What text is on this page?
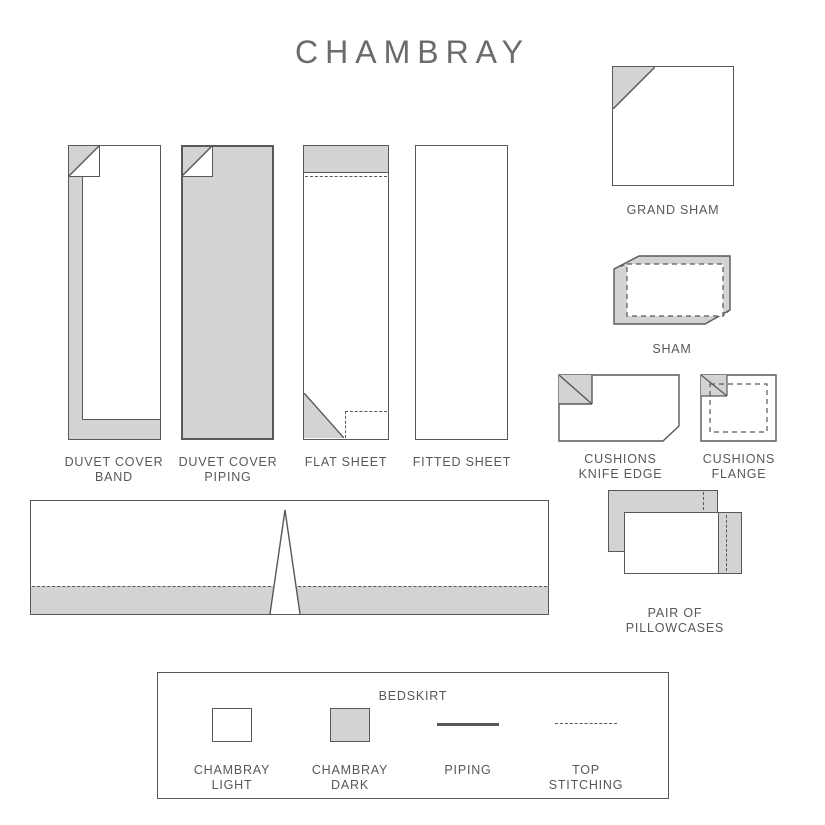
CHAMBRAY
DUVET COVER
BAND
DUVET COVER
PIPING
FLAT SHEET	FITTED SHEET
GRAND SHAM
SHAM
CUSHIONS
KNIFE EDGE
CUSHIONS
FLANGE
PAIR OF
PILLOWCASES
BEDSKIRT
CHAMBRAY
LIGHT
CHAMBRAY
DARK
PIPING	TOP
STITCHING
